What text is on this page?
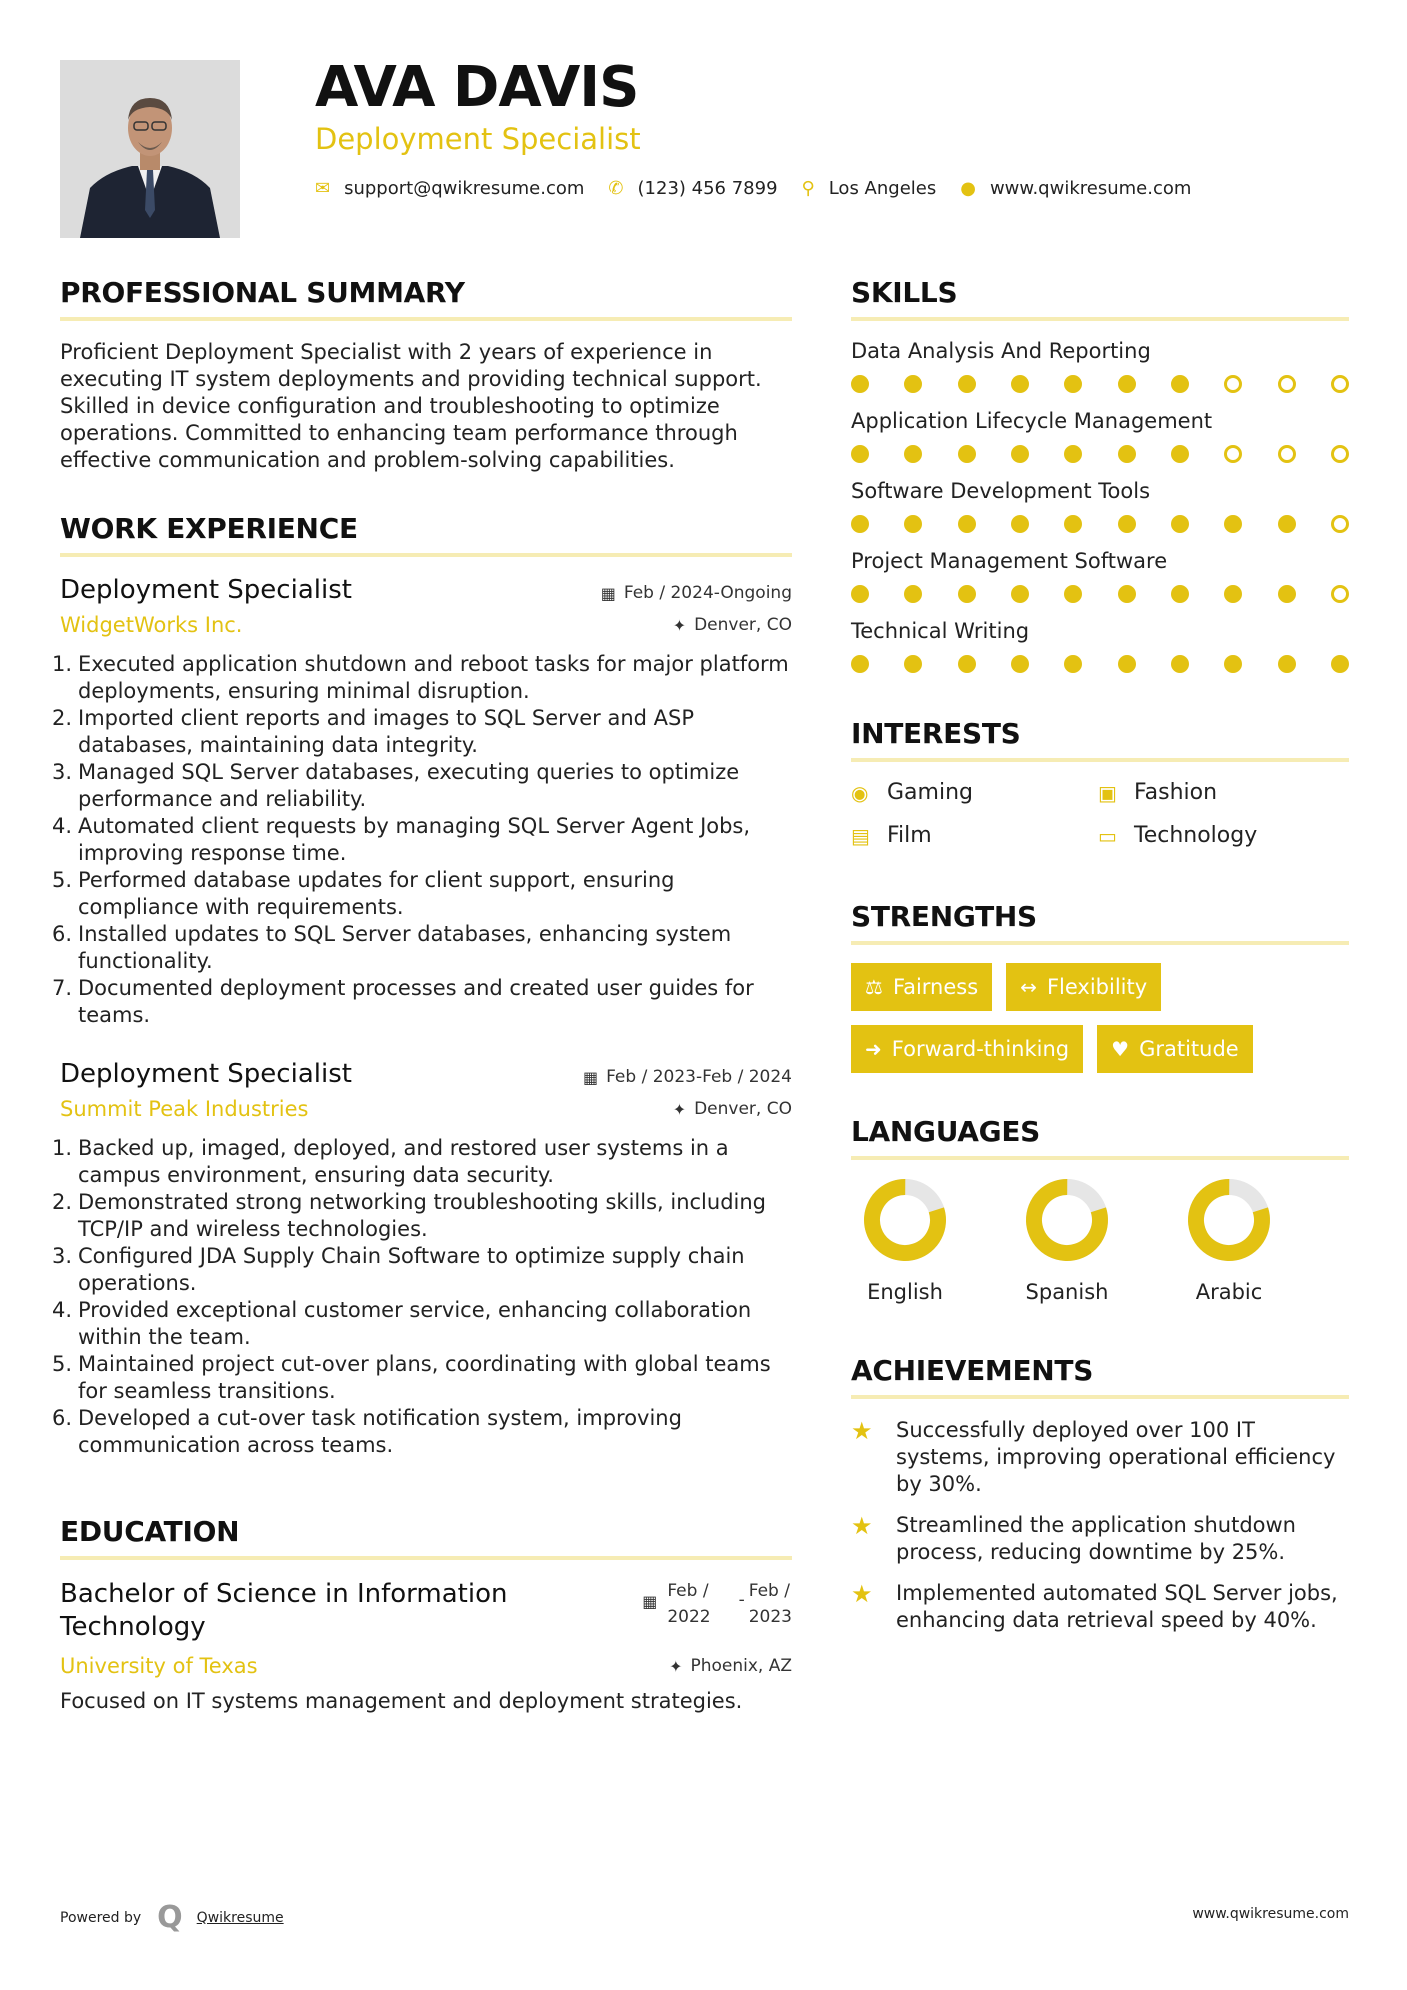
AVA DAVIS
Deployment Specialist
✉ support@qwikresume.com ✆ (123) 456 7899 ⚲ Los Angeles ● www.qwikresume.com
PROFESSIONAL SUMMARY
Proficient Deployment Specialist with 2 years of experience in executing IT system deployments and providing technical support. Skilled in device configuration and troubleshooting to optimize operations. Committed to enhancing team performance through effective communication and problem-solving capabilities.
WORK EXPERIENCE
Deployment Specialist	▦ Feb / 2024-Ongoing
WidgetWorks Inc.	✦ Denver, CO
Executed application shutdown and reboot tasks for major platform deployments, ensuring minimal disruption.
Imported client reports and images to SQL Server and ASP databases, maintaining data integrity.
Managed SQL Server databases, executing queries to optimize performance and reliability.
Automated client requests by managing SQL Server Agent Jobs, improving response time.
Performed database updates for client support, ensuring compliance with requirements.
Installed updates to SQL Server databases, enhancing system functionality.
Documented deployment processes and created user guides for teams.
Deployment Specialist	▦ Feb / 2023-Feb / 2024
Summit Peak Industries	✦ Denver, CO
Backed up, imaged, deployed, and restored user systems in a campus environment, ensuring data security.
Demonstrated strong networking troubleshooting skills, including TCP/IP and wireless technologies.
Configured JDA Supply Chain Software to optimize supply chain operations.
Provided exceptional customer service, enhancing collaboration within the team.
Maintained project cut-over plans, coordinating with global teams for seamless transitions.
Developed a cut-over task notification system, improving communication across teams.
EDUCATION
Bachelor of Science in Information Technology
▦
Feb /
2022
- Feb /
2023
University of Texas	✦ Phoenix, AZ
Focused on IT systems management and deployment strategies.
SKILLS
Data Analysis And Reporting
Application Lifecycle Management
Software Development Tools
Project Management Software
Technical Writing
INTERESTS
◉ Gaming	▣ Fashion
▤ Film	▭ Technology
STRENGTHS
⚖ Fairness ↔ Flexibility
➜ Forward-thinking ♥ Gratitude
LANGUAGES
English	Spanish	Arabic
ACHIEVEMENTS
★	Successfully deployed over 100 IT systems, improving operational efficiency by 30%.
★	Streamlined the application shutdown process, reducing downtime by 25%.
★	Implemented automated SQL Server jobs, enhancing data retrieval speed by 40%.
Powered by Q Qwikresume	www.qwikresume.com
